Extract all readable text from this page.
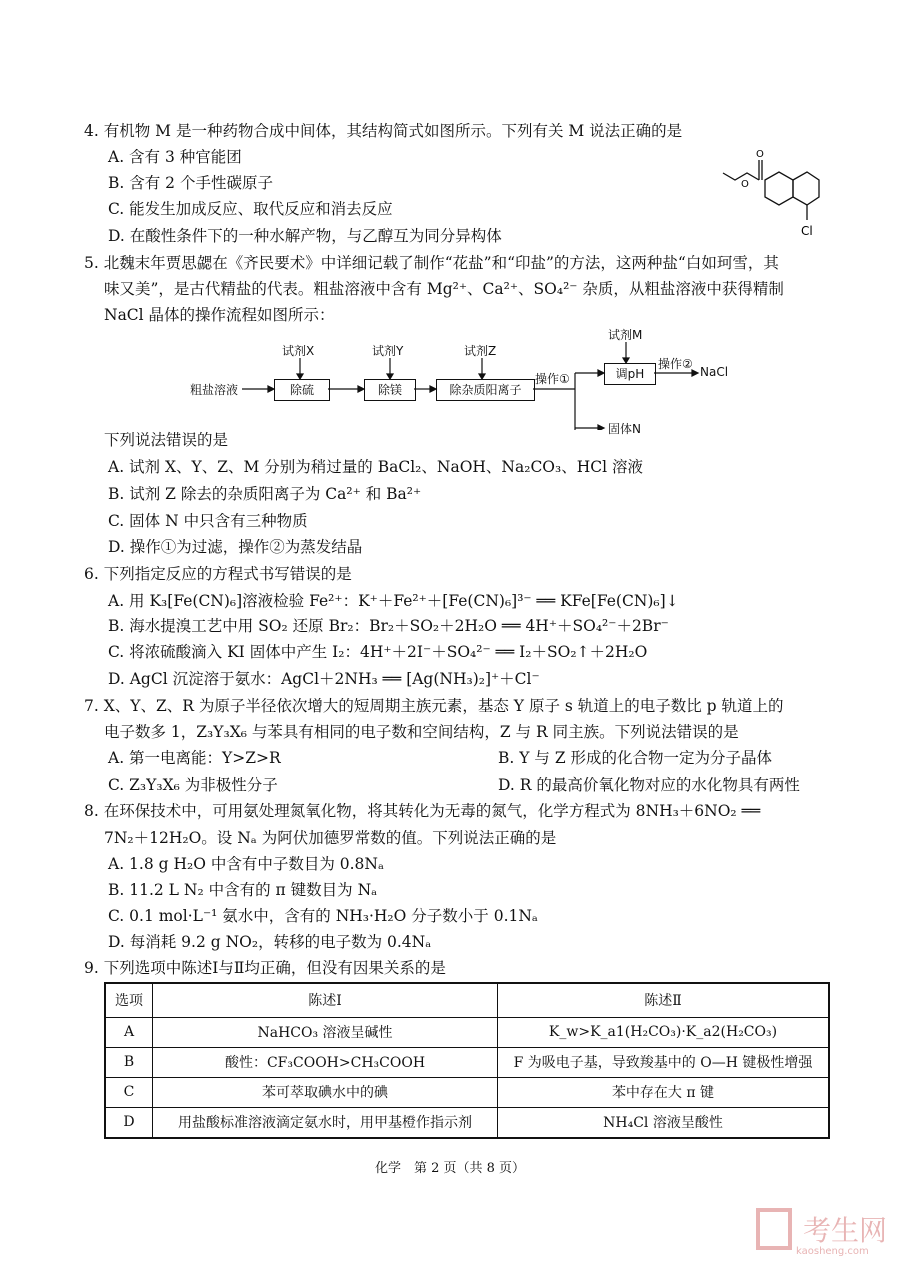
4. 有机物 M 是一种药物合成中间体，其结构简式如图所示。下列有关 M 说法正确的是
A. 含有 3 种官能团
B. 含有 2 个手性碳原子
C. 能发生加成反应、取代反应和消去反应
D. 在酸性条件下的一种水解产物，与乙醇互为同分异构体
O
O
Cl
5. 北魏末年贾思勰在《齐民要术》中详细记载了制作“花盐”和“印盐”的方法，这两种盐“白如珂雪，其
味又美”，是古代精盐的代表。粗盐溶液中含有 Mg²⁺、Ca²⁺、SO₄²⁻ 杂质，从粗盐溶液中获得精制
NaCl 晶体的操作流程如图所示：
粗盐溶液
试剂X	试剂Y	试剂Z
试剂M
除硫	除镁	除杂质阳离子
调pH
操作①
操作②
NaCl
固体N
下列说法错误的是
A. 试剂 X、Y、Z、M 分别为稍过量的 BaCl₂、NaOH、Na₂CO₃、HCl 溶液
B. 试剂 Z 除去的杂质阳离子为 Ca²⁺ 和 Ba²⁺
C. 固体 N 中只含有三种物质
D. 操作①为过滤，操作②为蒸发结晶
6. 下列指定反应的方程式书写错误的是
A. 用 K₃[Fe(CN)₆]溶液检验 Fe²⁺：K⁺＋Fe²⁺＋[Fe(CN)₆]³⁻ ══ KFe[Fe(CN)₆]↓
B. 海水提溴工艺中用 SO₂ 还原 Br₂：Br₂＋SO₂＋2H₂O ══ 4H⁺＋SO₄²⁻＋2Br⁻
C. 将浓硫酸滴入 KI 固体中产生 I₂：4H⁺＋2I⁻＋SO₄²⁻ ══ I₂＋SO₂↑＋2H₂O
D. AgCl 沉淀溶于氨水：AgCl＋2NH₃ ══ [Ag(NH₃)₂]⁺＋Cl⁻
7. X、Y、Z、R 为原子半径依次增大的短周期主族元素，基态 Y 原子 s 轨道上的电子数比 p 轨道上的
电子数多 1，Z₃Y₃X₆ 与苯具有相同的电子数和空间结构，Z 与 R 同主族。下列说法错误的是
A. 第一电离能：Y>Z>R	B. Y 与 Z 形成的化合物一定为分子晶体
C. Z₃Y₃X₆ 为非极性分子	D. R 的最高价氧化物对应的水化物具有两性
8. 在环保技术中，可用氨处理氮氧化物，将其转化为无毒的氮气，化学方程式为 8NH₃＋6NO₂ ══
7N₂＋12H₂O。设 Nₐ 为阿伏加德罗常数的值。下列说法正确的是
A. 1.8 g H₂O 中含有中子数目为 0.8Nₐ
B. 11.2 L N₂ 中含有的 π 键数目为 Nₐ
C. 0.1 mol·L⁻¹ 氨水中，含有的 NH₃·H₂O 分子数小于 0.1Nₐ
D. 每消耗 9.2 g NO₂，转移的电子数为 0.4Nₐ
9. 下列选项中陈述Ⅰ与Ⅱ均正确，但没有因果关系的是
选项	陈述Ⅰ	陈述Ⅱ
A	NaHCO₃ 溶液呈碱性	K_w>K_a1(H₂CO₃)·K_a2(H₂CO₃)
B	酸性：CF₃COOH>CH₃COOH	F 为吸电子基，导致羧基中的 O—H 键极性增强
C	苯可萃取碘水中的碘	苯中存在大 π 键
D	用盐酸标准溶液滴定氨水时，用甲基橙作指示剂	NH₄Cl 溶液呈酸性
化学　第 2 页（共 8 页）
考生网
kaosheng.com
